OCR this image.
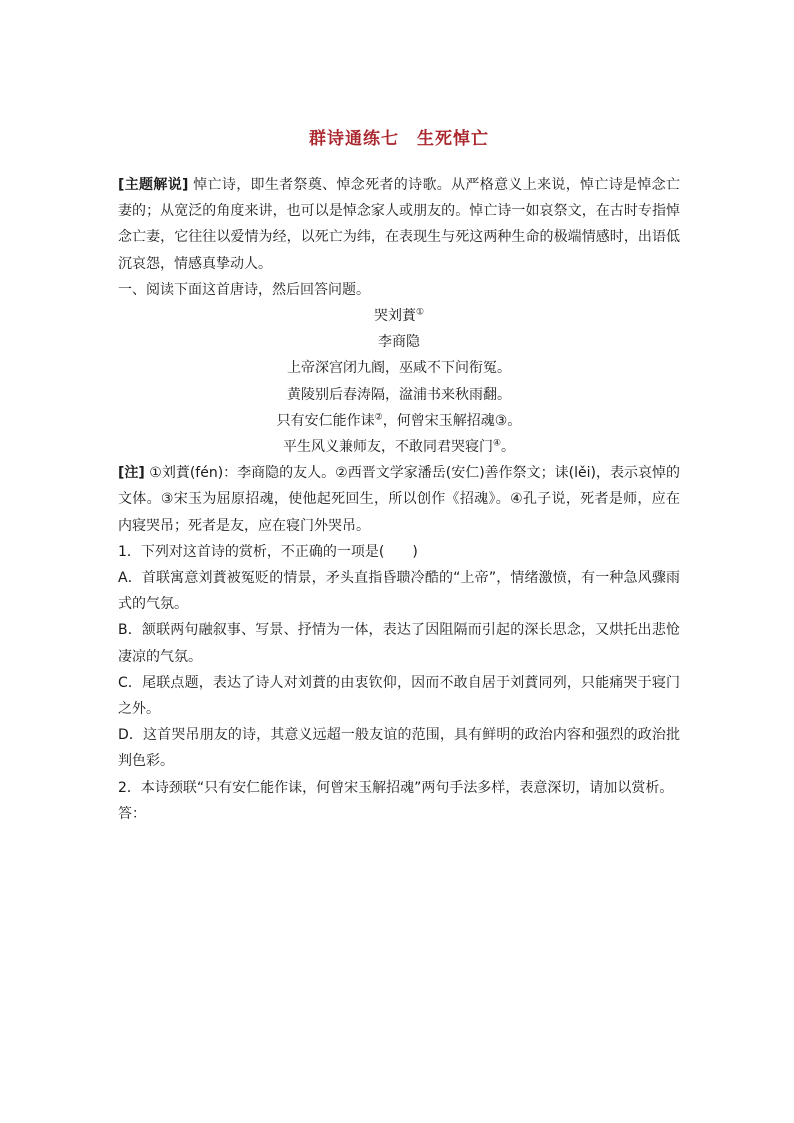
群诗通练七　生死悼亡

[主题解说] 悼亡诗，即生者祭奠、悼念死者的诗歌。从严格意义上来说，悼亡诗是悼念亡妻的；从宽泛的角度来讲，也可以是悼念家人或朋友的。悼亡诗一如哀祭文，在古时专指悼念亡妻，它往往以爱情为经，以死亡为纬，在表现生与死这两种生命的极端情感时，出语低沉哀怨，情感真挚动人。

一、阅读下面这首唐诗，然后回答问题。

哭刘蕡①

李商隐

上帝深宫闭九阍，巫咸不下问衔冤。

黄陵别后春涛隔，湓浦书来秋雨翻。

只有安仁能作诔②，何曾宋玉解招魂③。

平生风义兼师友，不敢同君哭寝门④。

[注] ①刘蕡(fén)：李商隐的友人。②西晋文学家潘岳(安仁)善作祭文；诔(lěi)，表示哀悼的文体。③宋玉为屈原招魂，使他起死回生，所以创作《招魂》。④孔子说，死者是师，应在内寝哭吊；死者是友，应在寝门外哭吊。

1．下列对这首诗的赏析，不正确的一项是(　　)

A．首联寓意刘蕡被冤贬的情景，矛头直指昏聩冷酷的“上帝”，情绪激愤，有一种急风骤雨式的气氛。

B．颔联两句融叙事、写景、抒情为一体，表达了因阻隔而引起的深长思念，又烘托出悲怆凄凉的气氛。

C．尾联点题，表达了诗人对刘蕡的由衷钦仰，因而不敢自居于刘蕡同列，只能痛哭于寝门之外。

D．这首哭吊朋友的诗，其意义远超一般友谊的范围，具有鲜明的政治内容和强烈的政治批判色彩。

2．本诗颈联“只有安仁能作诔，何曾宋玉解招魂”两句手法多样，表意深切，请加以赏析。

答：
